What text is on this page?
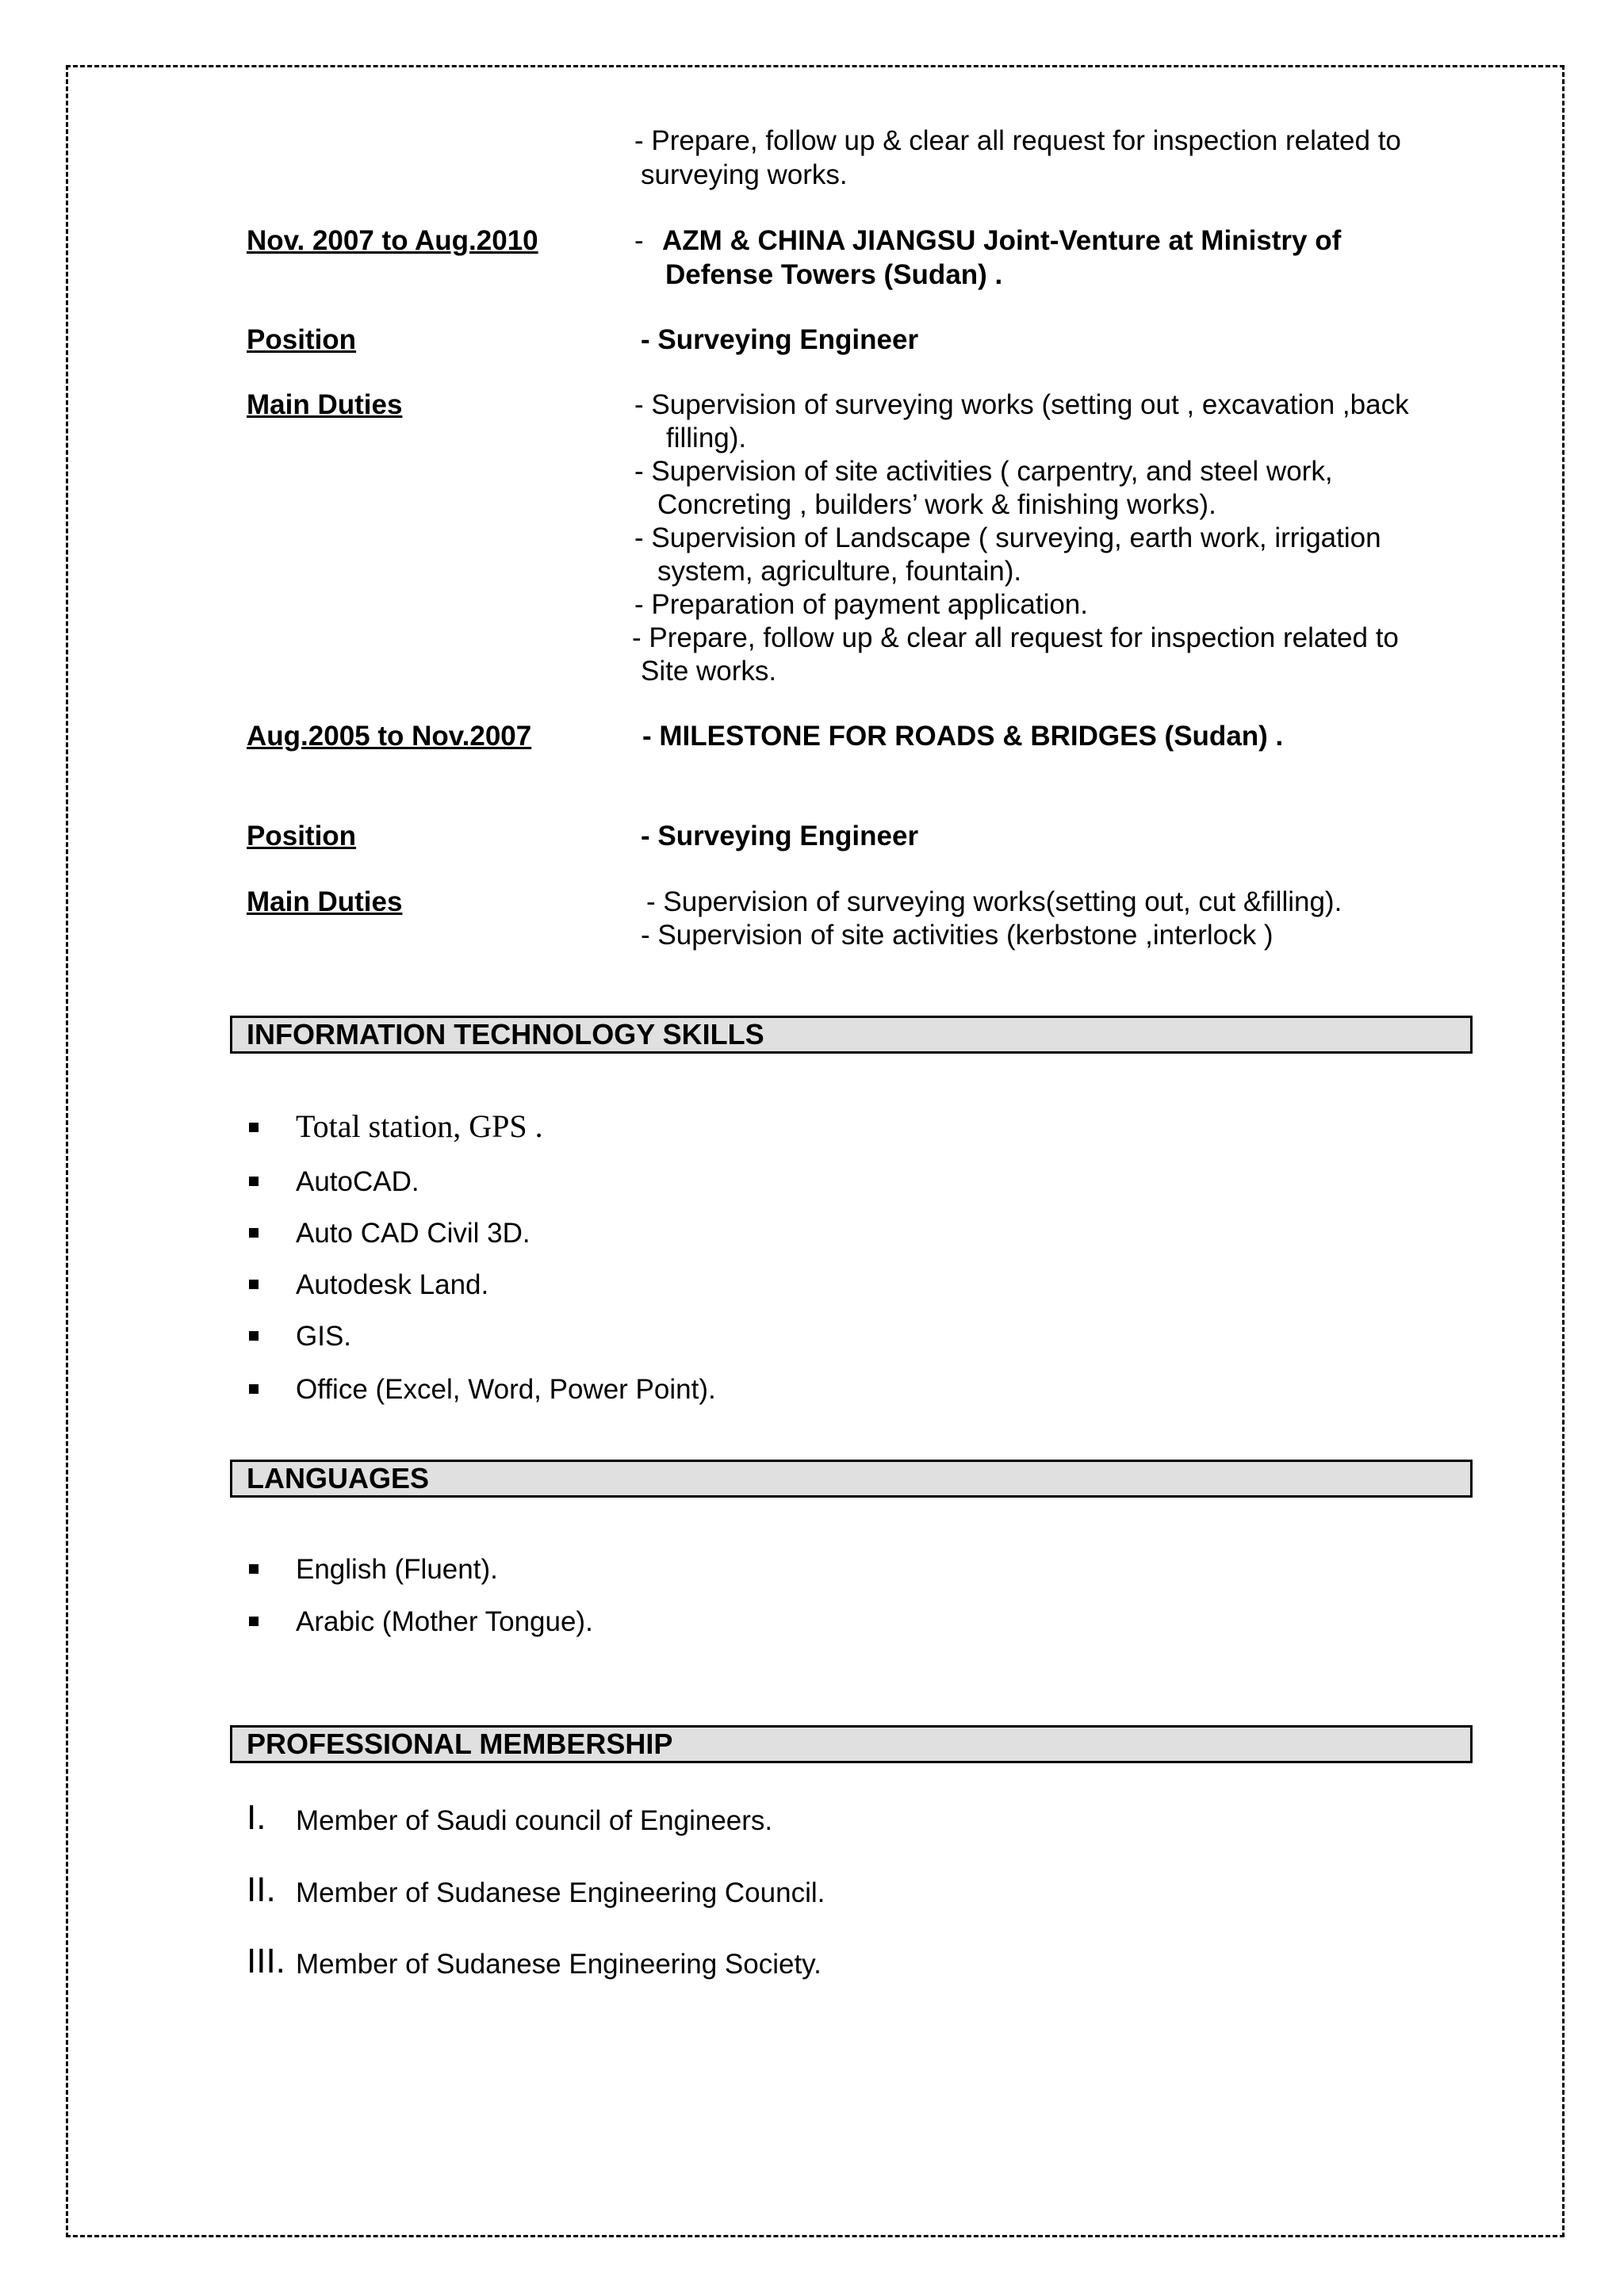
- Prepare, follow up & clear all request for inspection related to
surveying works.
Nov. 2007 to Aug.2010	- AZM & CHINA JIANGSU Joint-Venture at Ministry of
Defense Towers (Sudan) .
Position	- Surveying Engineer
Main Duties	- Supervision of surveying works (setting out , excavation ,back
filling).
- Supervision of site activities ( carpentry, and steel work,
Concreting , builders’ work & finishing works).
- Supervision of Landscape ( surveying, earth work, irrigation
system, agriculture, fountain).
- Preparation of payment application.
- Prepare, follow up & clear all request for inspection related to
Site works.
Aug.2005 to Nov.2007	- MILESTONE FOR ROADS & BRIDGES (Sudan) .
Position	- Surveying Engineer
Main Duties	- Supervision of surveying works(setting out, cut &filling).
- Supervision of site activities (kerbstone ,interlock )
INFORMATION TECHNOLOGY SKILLS
Total station, GPS .
AutoCAD.
Auto CAD Civil 3D.
Autodesk Land.
GIS.
Office (Excel, Word, Power Point).
LANGUAGES
English (Fluent).
Arabic (Mother Tongue).
PROFESSIONAL MEMBERSHIP
I. Member of Saudi council of Engineers.
II. Member of Sudanese Engineering Council.
III. Member of Sudanese Engineering Society.
